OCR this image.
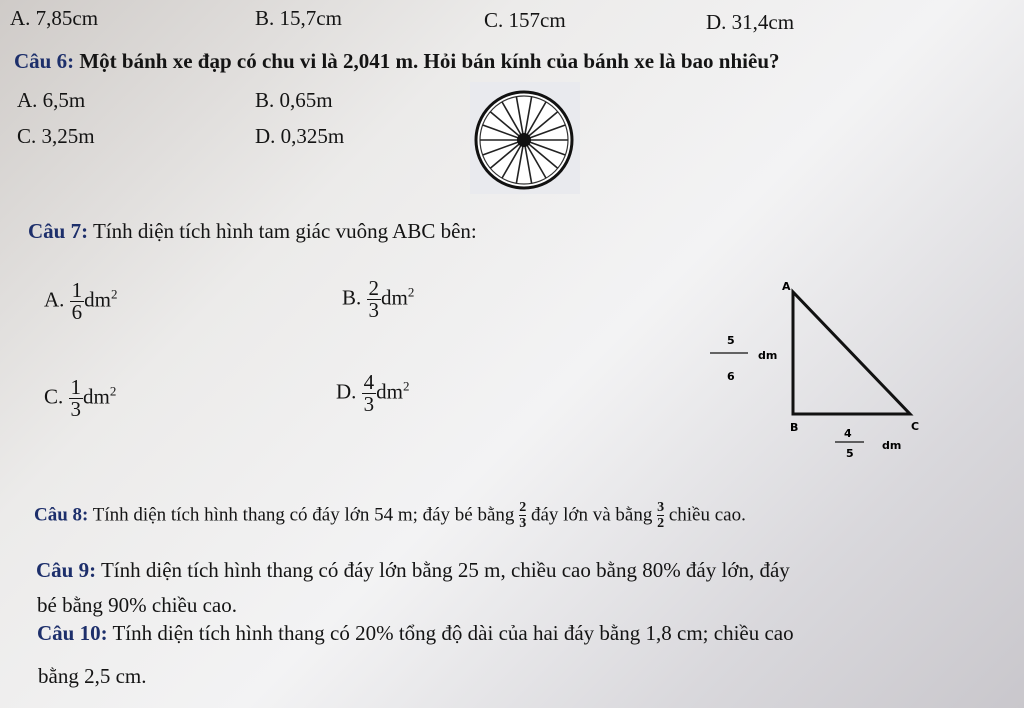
A. 7,85cm	B. 15,7cm	C. 157cm	D. 31,4cm
Câu 6: Một bánh xe đạp có chu vi là 2,041 m. Hỏi bán kính của bánh xe là bao nhiêu?
A. 6,5m	B. 0,65m
C. 3,25m	D. 0,325m
Câu 7: Tính diện tích hình tam giác vuông ABC bên:
A. $\frac{1}{6} dm^2$	B. $\frac{2}{3} dm^2$
C. $\frac{1}{3} dm^2$	D. $\frac{4}{3} dm^2$
A
B	C
5
6
dm
4
5
dm
Câu 8: Tính diện tích hình thang có đáy lớn 54 m; đáy bé bằng $\frac{2}{3}$ đáy lớn và bằng $\frac{3}{2}$ chiều cao.
Câu 9: Tính diện tích hình thang có đáy lớn bằng 25 m, chiều cao bằng 80% đáy lớn, đáy
bé bằng 90% chiều cao.
Câu 10: Tính diện tích hình thang có 20% tổng độ dài của hai đáy bằng 1,8 cm; chiều cao
bằng 2,5 cm.
